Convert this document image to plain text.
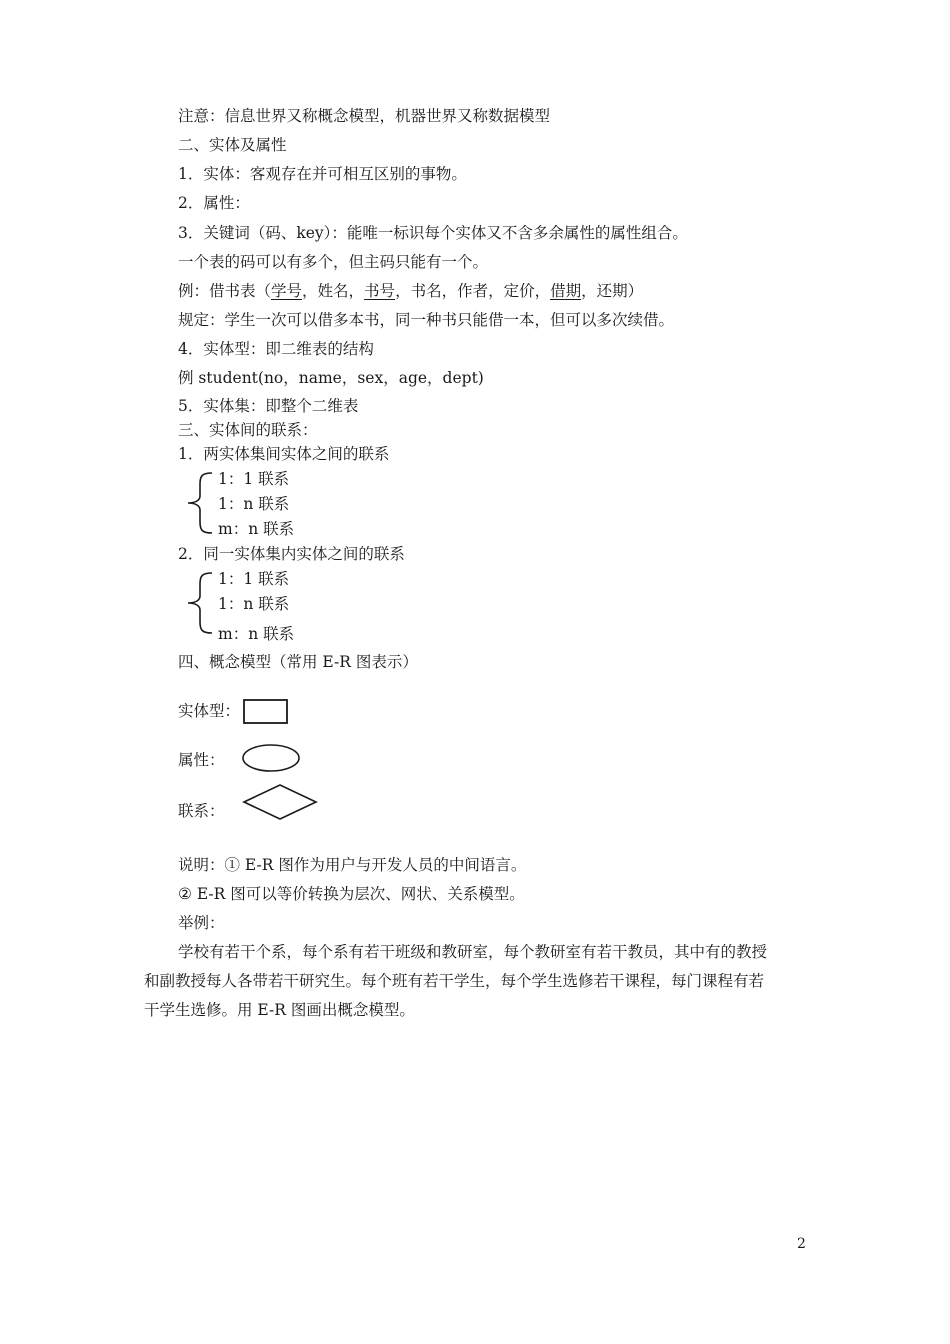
注意：信息世界又称概念模型，机器世界又称数据模型
二、实体及属性
1．实体：客观存在并可相互区别的事物。
2．属性：
3．关键词（码、key）：能唯一标识每个实体又不含多余属性的属性组合。
一个表的码可以有多个，但主码只能有一个。
例：借书表（学号，姓名，书号，书名，作者，定价，借期，还期）
规定：学生一次可以借多本书，同一种书只能借一本，但可以多次续借。
4．实体型：即二维表的结构
例 student(no，name，sex，age，dept)
5．实体集：即整个二维表
三、实体间的联系：
1．两实体集间实体之间的联系
1：1 联系
1：n 联系
m：n 联系
2．同一实体集内实体之间的联系
1：1 联系
1：n 联系
m：n 联系
四、概念模型（常用 E-R 图表示）
实体型：
属性：
联系：
说明：① E-R 图作为用户与开发人员的中间语言。
② E-R 图可以等价转换为层次、网状、关系模型。
举例：
学校有若干个系，每个系有若干班级和教研室，每个教研室有若干教员，其中有的教授
和副教授每人各带若干研究生。每个班有若干学生，每个学生选修若干课程，每门课程有若
干学生选修。用 E-R 图画出概念模型。
2
